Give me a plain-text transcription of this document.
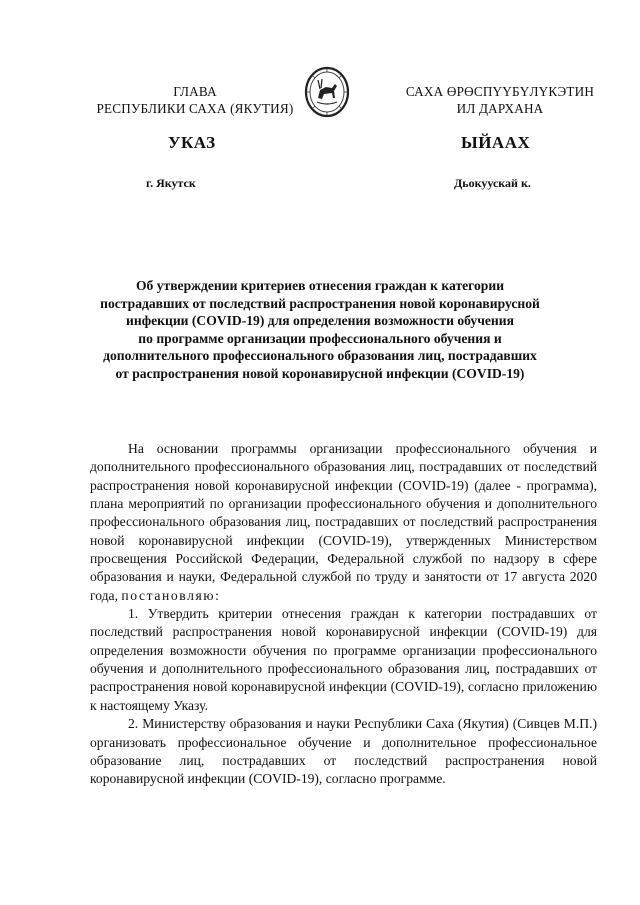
ГЛАВА
РЕСПУБЛИКИ САХА (ЯКУТИЯ)
САХА ӨРӨСПҮҮБҮЛҮКЭТИН
ИЛ ДАРХАНА
УКАЗ	ЫЙААХ
г. Якутск	Дьокуускай к.
Об утверждении критериев отнесения граждан к категории
пострадавших от последствий распространения новой коронавирусной
инфекции (COVID-19) для определения возможности обучения
по программе организации профессионального обучения и
дополнительного профессионального образования лиц, пострадавших
от распространения новой коронавирусной инфекции (COVID-19)

На основании программы организации профессионального обучения и дополнительного профессионального образования лиц, пострадавших от последствий распространения новой коронавирусной инфекции (COVID-19) (далее - программа), плана мероприятий по организации профессионального обучения и дополнительного профессионального образования лиц, пострадавших от последствий распространения новой коронавирусной инфекции (COVID-19), утвержденных Министерством просвещения Российской Федерации, Федеральной службой по надзору в сфере образования и науки, Федеральной службой по труду и занятости от 17 августа 2020 года, постановляю:

1. Утвердить критерии отнесения граждан к категории пострадавших от последствий распространения новой коронавирусной инфекции (COVID-19) для определения возможности обучения по программе организации профессионального обучения и дополнительного профессионального образования лиц, пострадавших от распространения новой коронавирусной инфекции (COVID-19), согласно приложению к настоящему Указу.

2. Министерству образования и науки Республики Саха (Якутия) (Сивцев М.П.) организовать профессиональное обучение и дополнительное профессиональное образование лиц, пострадавших от последствий распространения новой коронавирусной инфекции (COVID-19), согласно программе.
